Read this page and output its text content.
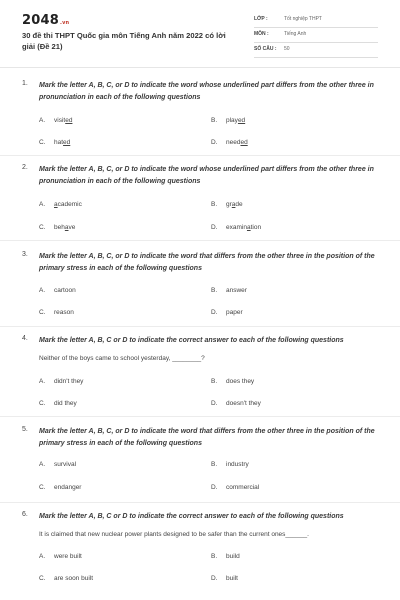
2048.vn
30 đề thi THPT Quốc gia môn Tiếng Anh năm 2022 có lời giải (Đề 21)
LỚP :	Tốt nghiệp THPT
MÔN :	Tiếng Anh
SỐ CÂU : 50
1. Mark the letter A, B, C, or D to indicate the word whose underlined part differs from the other three in pronunciation in each of the following questions
A. visited	B. played
C. hated	D. needed
2. Mark the letter A, B, C, or D to indicate the word whose underlined part differs from the other three in pronunciation in each of the following questions
A. academic	B. grade
C. behave	D. examination
3. Mark the letter A, B, C, or D to indicate the word that differs from the other three in the position of the primary stress in each of the following questions
A. cartoon	B. answer
C. reason	D. paper
4. Mark the letter A, B, C or D to indicate the correct answer to each of the following questions
Neither of the boys came to school yesterday, ________?
A. didn't they	B. does they
C. did they	D. doesn't they
5. Mark the letter A, B, C, or D to indicate the word that differs from the other three in the position of the primary stress in each of the following questions
A. survival	B. industry
C. endanger	D. commercial
6. Mark the letter A, B, C or D to indicate the correct answer to each of the following questions
It is claimed that new nuclear power plants designed to be safer than the current ones______.
A. were built	B. build
C. are soon built	D. built
